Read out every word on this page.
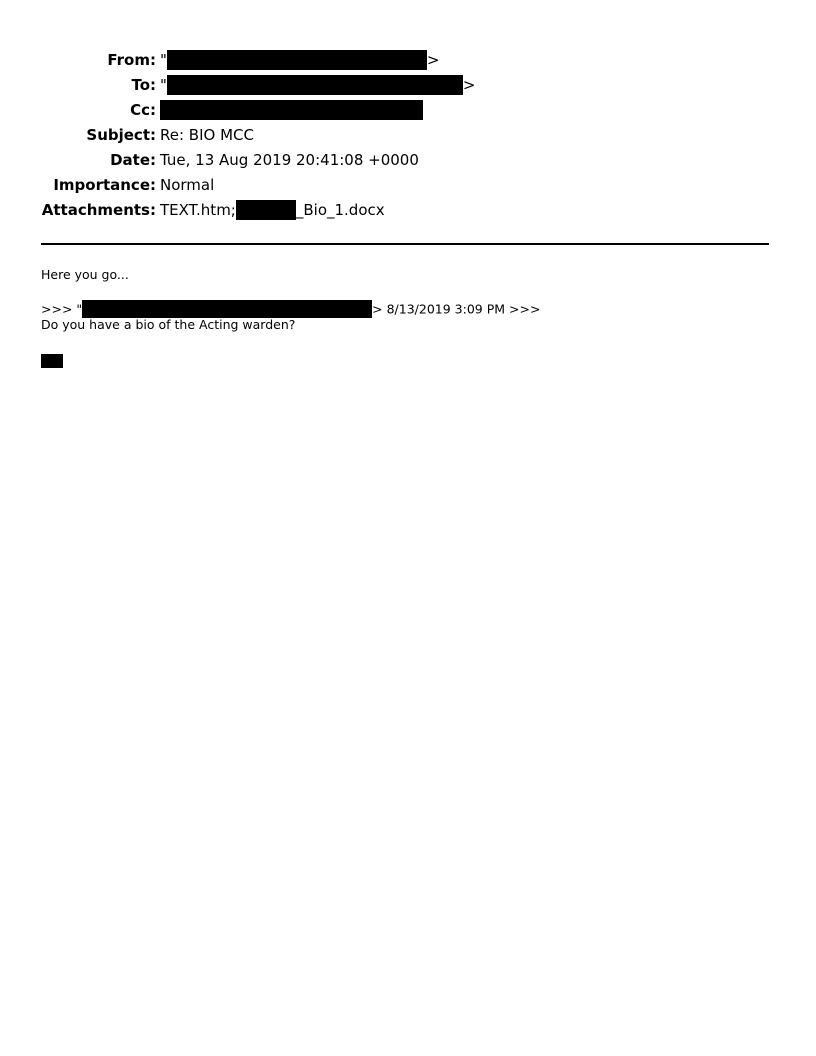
From: "	>
To: "	>
Cc:
Subject: Re: BIO MCC
Date: Tue, 13 Aug 2019 20:41:08 +0000
Importance: Normal
Attachments: TEXT.htm;	_Bio_1.docx
Here you go...
>>> "	> 8/13/2019 3:09 PM >>>
Do you have a bio of the Acting warden?
